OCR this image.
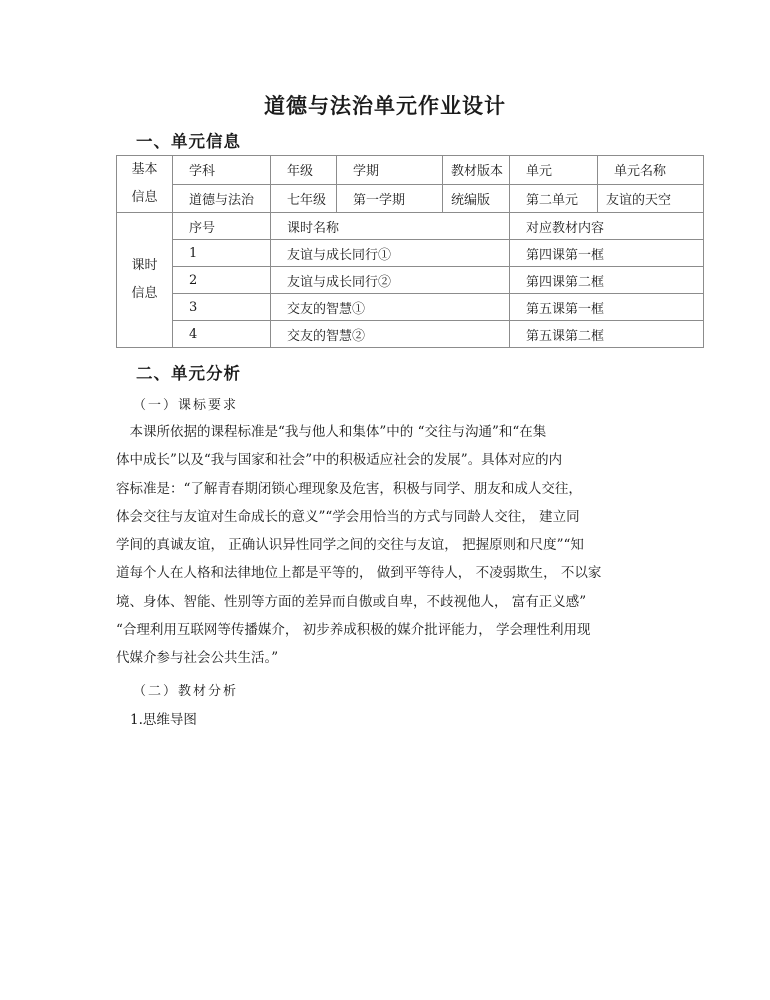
道德与法治单元作业设计
一、单元信息
基本
信息	学科	年级	学期	教材版本	单元	单元名称
	道德与法治	七年级	第一学期	统编版	第二单元	友谊的天空

课时
信息	序号	课时名称			对应教材内容	
	1	友谊与成长同行①			第四课第一框	
	2	友谊与成长同行②			第四课第二框	
	3	交友的智慧①			第五课第一框	
	4	交友的智慧②			第五课第二框	
二、单元分析
（一）课标要求
　本课所依据的课程标准是“我与他人和集体”中的 “交往与沟通”和“在集
体中成长”以及“我与国家和社会”中的积极适应社会的发展”。具体对应的内
容标准是：“了解青春期闭锁心理现象及危害，积极与同学、朋友和成人交往，
体会交往与友谊对生命成长的意义”“学会用恰当的方式与同龄人交往， 建立同
学间的真诚友谊， 正确认识异性同学之间的交往与友谊， 把握原则和尺度”“知
道每个人在人格和法律地位上都是平等的， 做到平等待人， 不凌弱欺生， 不以家
境、身体、智能、性别等方面的差异而自傲或自卑，不歧视他人， 富有正义感”
“合理利用互联网等传播媒介， 初步养成积极的媒介批评能力， 学会理性利用现
代媒介参与社会公共生活。”
（二）教材分析
1.思维导图
